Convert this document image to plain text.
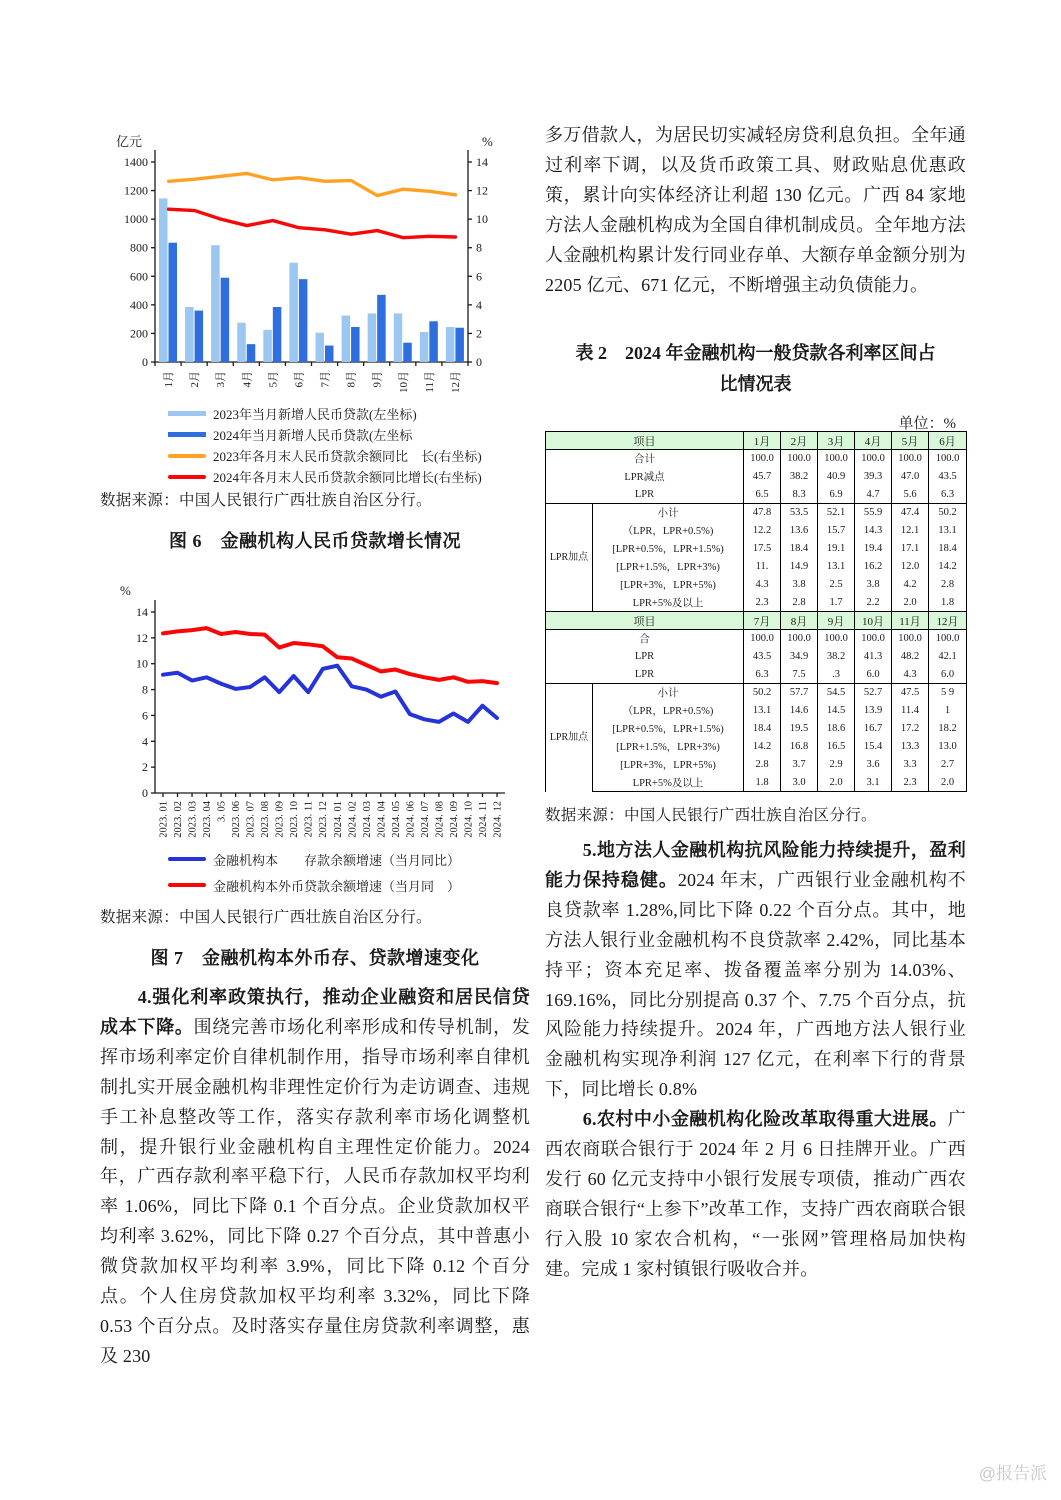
亿元	%
0
200
400
600
800
1000
1200
1400
0
2
4
6
8
10
12
14
1月 2月 3月 4月 5月 6月 7月 8月 9月 10月 11月 12月
2023年当月新增人民币贷款(左坐标)
2024年当月新增人民币贷款(左坐标
2023年各月末人民币贷款余额同比　长(右坐标)
2024年各月末人民币贷款余额同比增长(右坐标)
数据来源：中国人民银行广西壮族自治区分行。
图 6　金融机构人民币贷款增长情况
%
0
2
4
6
8
10
12
14
2023. 01 2023. 02 2023. 03 2023. 04 3. 05 2023. 06 2023. 07 2023. 08 2023. 09 2023. 10 2023. 11 2023. 12 2024. 01 2024. 02 2024. 03 2024. 04 2024. 05 2024. 06 2024. 07 2024. 08 2024. 09 2024. 10 2024. 11 2024. 12
金融机构本　　存款余额增速（当月同比）
金融机构本外币贷款余额增速（当月同　）
数据来源：中国人民银行广西壮族自治区分行。
图 7　金融机构本外币存、贷款增速变化

4.强化利率政策执行，推动企业融资和居民信贷成本下降。围绕完善市场化利率形成和传导机制，发挥市场利率定价自律机制作用，指导市场利率自律机制扎实开展金融机构非理性定价行为走访调查、违规手工补息整改等工作，落实存款利率市场化调整机制，提升银行业金融机构自主理性定价能力。2024 年，广西存款利率平稳下行，人民币存款加权平均利率 1.06%，同比下降 0.1 个百分点。企业贷款加权平均利率 3.62%，同比下降 0.27 个百分点，其中普惠小微贷款加权平均利率 3.9%，同比下降 0.12 个百分点。个人住房贷款加权平均利率 3.32%，同比下降 0.53 个百分点。及时落实存量住房贷款利率调整，惠及 230

多万借款人，为居民切实减轻房贷利息负担。全年通过利率下调，以及货币政策工具、财政贴息优惠政策，累计向实体经济让利超 130 亿元。广西 84 家地方法人金融机构成为全国自律机制成员。全年地方法人金融机构累计发行同业存单、大额存单金额分别为 2205 亿元、671 亿元，不断增强主动负债能力。

表 2　2024 年金融机构一般贷款各利率区间占
比情况表
单位：%
项目		1月	2月	3月	4月	5月	6月
合计		100.0	100.0	100.0	100.0	100.0	100.0
LPR减点		45.7	38.2	40.9	39.3	47.0	43.5
LPR		6.5	8.3	6.9	4.7	5.6	6.3
LPR加点	小计	47.8	53.5	52.1	55.9	47.4	50.2
	（LPR，LPR+0.5%)	12.2	13.6	15.7	14.3	12.1	13.1
	[LPR+0.5%，LPR+1.5%)	17.5	18.4	19.1	19.4	17.1	18.4
	[LPR+1.5%，LPR+3%)	11.	14.9	13.1	16.2	12.0	14.2
	[LPR+3%，LPR+5%)	4.3	3.8	2.5	3.8	4.2	2.8
	LPR+5%及以上	2.3	2.8	1.7	2.2	2.0	1.8
项目		7月	8月	9月	10月	11月	12月
合		100.0	100.0	100.0	100.0	100.0	100.0
LPR		43.5	34.9	38.2	41.3	48.2	42.1
LPR		6.3	7.5	.3	6.0	4.3	6.0
LPR加点	小计	50.2	57.7	54.5	52.7	47.5	5 9
	（LPR，LPR+0.5%)	13.1	14.6	14.5	13.9	11.4	1
	[LPR+0.5%，LPR+1.5%)	18.4	19.5	18.6	16.7	17.2	18.2
	[LPR+1.5%，LPR+3%)	14.2	16.8	16.5	15.4	13.3	13.0
	[LPR+3%，LPR+5%)	2.8	3.7	2.9	3.6	3.3	2.7
	LPR+5%及以上	1.8	3.0	2.0	3.1	2.3	2.0
数据来源：中国人民银行广西壮族自治区分行。

5.地方法人金融机构抗风险能力持续提升，盈利能力保持稳健。2024 年末，广西银行业金融机构不良贷款率 1.28%,同比下降 0.22 个百分点。其中，地方法人银行业金融机构不良贷款率 2.42%，同比基本持平；资本充足率、拨备覆盖率分别为 14.03%、169.16%，同比分别提高 0.37 个、7.75 个百分点，抗风险能力持续提升。2024 年，广西地方法人银行业金融机构实现净利润 127 亿元，在利率下行的背景下，同比增长 0.8%

6.农村中小金融机构化险改革取得重大进展。广西农商联合银行于 2024 年 2 月 6 日挂牌开业。广西发行 60 亿元支持中小银行发展专项债，推动广西农商联合银行“上参下”改革工作，支持广西农商联合银行入股 10 家农合机构，“一张网”管理格局加快构建。完成 1 家村镇银行吸收合并。

@报告派
